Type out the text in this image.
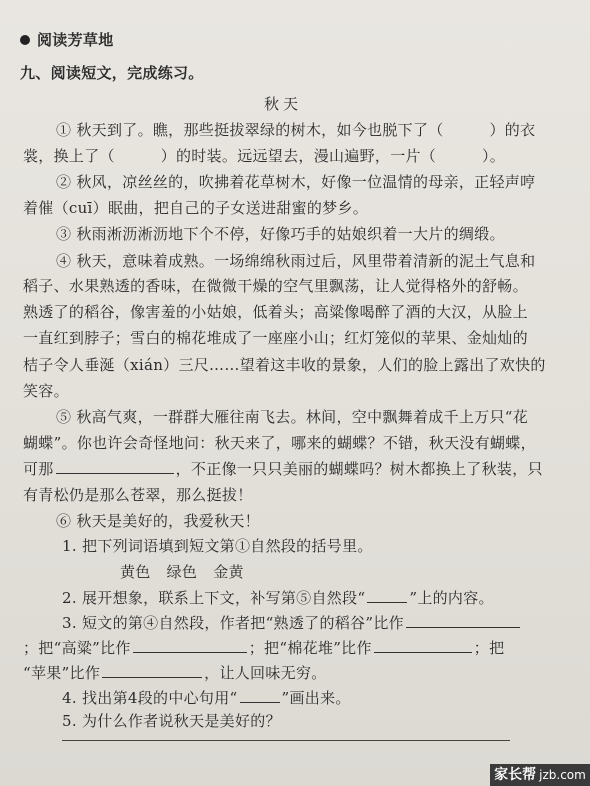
阅读芳草地
九、阅读短文，完成练习。
秋天
① 秋天到了。瞧，那些挺拔翠绿的树木，如今也脱下了（　　　）的衣
裳，换上了（　　　）的时装。远远望去，漫山遍野，一片（　　　）。
② 秋风，凉丝丝的，吹拂着花草树木，好像一位温情的母亲，正轻声哼
着催（cuī）眠曲，把自己的子女送进甜蜜的梦乡。
③ 秋雨淅沥淅沥地下个不停，好像巧手的姑娘织着一大片的绸缎。
④ 秋天，意味着成熟。一场绵绵秋雨过后，风里带着清新的泥土气息和
稻子、水果熟透的香味，在微微干燥的空气里飘荡，让人觉得格外的舒畅。
熟透了的稻谷，像害羞的小姑娘，低着头；高粱像喝醉了酒的大汉，从脸上
一直红到脖子；雪白的棉花堆成了一座座小山；红灯笼似的苹果、金灿灿的
桔子令人垂涎（xián）三尺……望着这丰收的景象，人们的脸上露出了欢快的
笑容。
⑤ 秋高气爽，一群群大雁往南飞去。林间，空中飘舞着成千上万只“花
蝴蝶”。你也许会奇怪地问：秋天来了，哪来的蝴蝶？不错，秋天没有蝴蝶，
可那	，不正像一只只美丽的蝴蝶吗？树木都换上了秋装，只
有青松仍是那么苍翠，那么挺拔！
⑥ 秋天是美好的，我爱秋天！
1. 把下列词语填到短文第①自然段的括号里。
黄色 绿色 金黄
2. 展开想象，联系上下文，补写第⑤自然段“	”上的内容。
3. 短文的第④自然段，作者把“熟透了的稻谷”比作
；把“高粱”比作	；把“棉花堆”比作	；把
“苹果”比作	，让人回味无穷。
4. 找出第4段的中心句用“	”画出来。
5. 为什么作者说秋天是美好的？
家长帮 jzb.com
